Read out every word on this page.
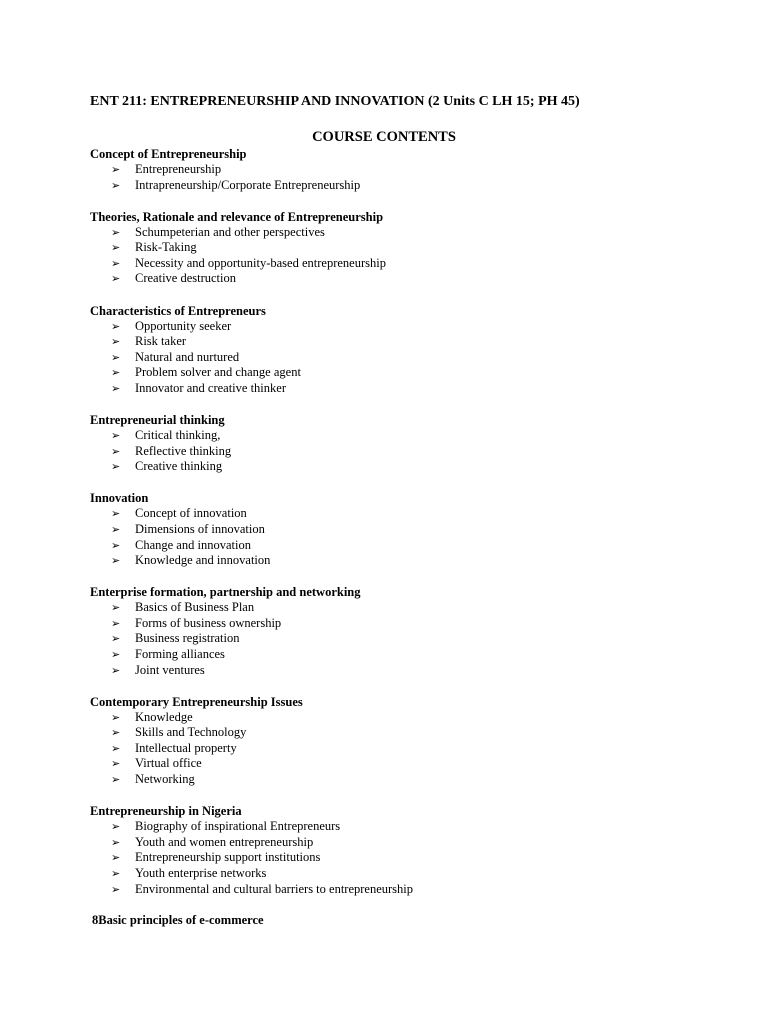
ENT 211: ENTREPRENEURSHIP AND INNOVATION (2 Units C LH 15; PH 45)
COURSE CONTENTS
Concept of Entrepreneurship
➢ Entrepreneurship
➢ Intrapreneurship/Corporate Entrepreneurship
Theories, Rationale and relevance of Entrepreneurship
➢ Schumpeterian and other perspectives
➢ Risk-Taking
➢ Necessity and opportunity-based entrepreneurship
➢ Creative destruction
Characteristics of Entrepreneurs
➢ Opportunity seeker
➢ Risk taker
➢ Natural and nurtured
➢ Problem solver and change agent
➢ Innovator and creative thinker
Entrepreneurial thinking
➢ Critical thinking,
➢ Reflective thinking
➢ Creative thinking
Innovation
➢ Concept of innovation
➢ Dimensions of innovation
➢ Change and innovation
➢ Knowledge and innovation
Enterprise formation, partnership and networking
➢ Basics of Business Plan
➢ Forms of business ownership
➢ Business registration
➢ Forming alliances
➢ Joint ventures
Contemporary Entrepreneurship Issues
➢ Knowledge
➢ Skills and Technology
➢ Intellectual property
➢ Virtual office
➢ Networking
Entrepreneurship in Nigeria
➢ Biography of inspirational Entrepreneurs
➢ Youth and women entrepreneurship
➢ Entrepreneurship support institutions
➢ Youth enterprise networks
➢ Environmental and cultural barriers to entrepreneurship
8Basic principles of e-commerce
